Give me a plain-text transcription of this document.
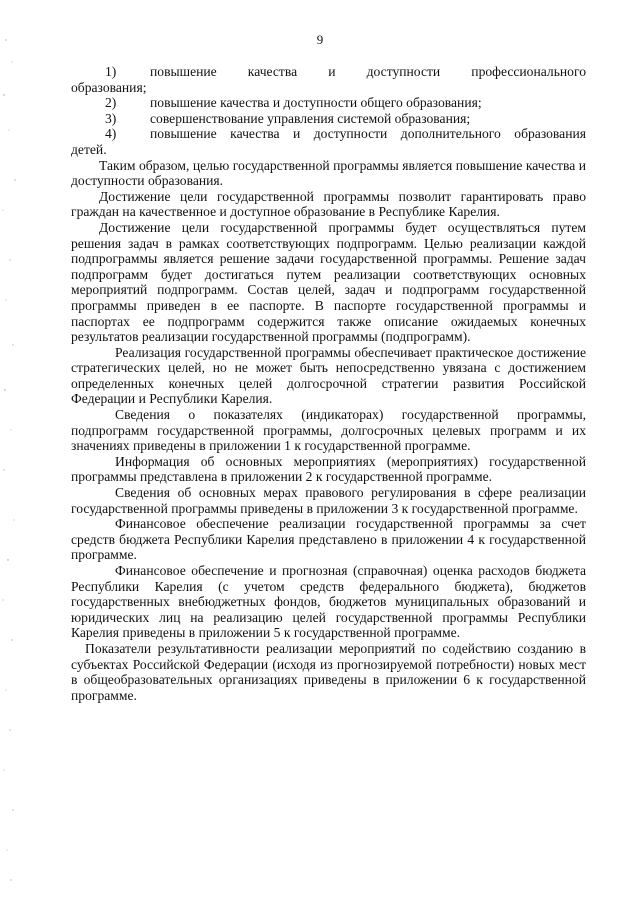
9
1)	повышение качества и доступности профессионального
образования;
2)	повышение качества и доступности общего образования;
3)	совершенствование управления системой образования;
4)	повышение качества и доступности дополнительного образования
детей.

Таким образом, целью государственной программы является повышение качества и доступности образования.

Достижение цели государственной программы позволит гарантировать право граждан на качественное и доступное образование в Республике Карелия.

Достижение цели государственной программы будет осуществляться путем решения задач в рамках соответствующих подпрограмм. Целью реализации каждой подпрограммы является решение задачи государственной программы. Решение задач подпрограмм будет достигаться путем реализации соответствующих основных мероприятий подпрограмм. Состав целей, задач и подпрограмм государственной программы приведен в ее паспорте. В паспорте государственной программы и паспортах ее подпрограмм содержится также описание ожидаемых конечных результатов реализации государственной программы (подпрограмм).

Реализация государственной программы обеспечивает практическое достижение стратегических целей, но не может быть непосредственно увязана с достижением определенных конечных целей долгосрочной стратегии развития Российской Федерации и Республики Карелия.

Сведения о показателях (индикаторах) государственной программы, подпрограмм государственной программы, долгосрочных целевых программ и их значениях приведены в приложении 1 к государственной программе.

Информация об основных мероприятиях (мероприятиях) государственной программы представлена в приложении 2 к государственной программе.

Сведения об основных мерах правового регулирования в сфере реализации государственной программы приведены в приложении 3 к государственной программе.

Финансовое обеспечение реализации государственной программы за счет средств бюджета Республики Карелия представлено в приложении 4 к государственной программе.

Финансовое обеспечение и прогнозная (справочная) оценка расходов бюджета Республики Карелия (с учетом средств федерального бюджета), бюджетов государственных внебюджетных фондов, бюджетов муниципальных образований и юридических лиц на реализацию целей государственной программы Республики Карелия приведены в приложении 5 к государственной программе.

Показатели результативности реализации мероприятий по содействию созданию в субъектах Российской Федерации (исходя из прогнозируемой потребности) новых мест в общеобразовательных организациях приведены в приложении 6 к государственной программе.
